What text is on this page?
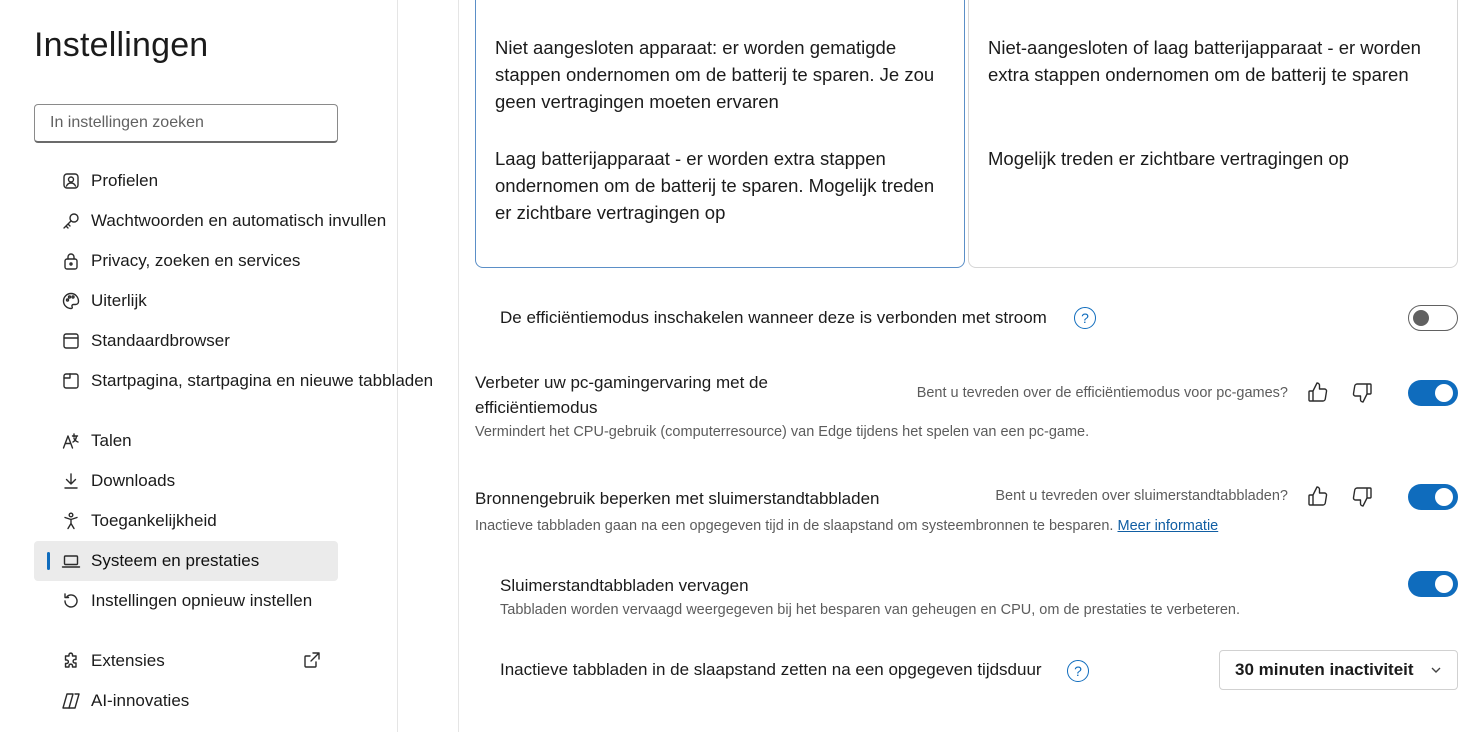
Instellingen
In instellingen zoeken
Profielen
Wachtwoorden en automatisch invullen
Privacy, zoeken en services
Uiterlijk
Standaardbrowser
Startpagina, startpagina en nieuwe tabbladen
Talen
Downloads
Toegankelijkheid
Systeem en prestaties
Instellingen opnieuw instellen
Extensies
AI-innovaties

Niet aangesloten apparaat: er worden gematigde stappen ondernomen om de batterij te sparen. Je zou geen vertragingen moeten ervaren

Laag batterijapparaat - er worden extra stappen ondernomen om de batterij te sparen. Mogelijk treden er zichtbare vertragingen op

Niet-aangesloten of laag batterijapparaat - er worden extra stappen ondernomen om de batterij te sparen

Mogelijk treden er zichtbare vertragingen op

De efficiëntiemodus inschakelen wanneer deze is verbonden met stroom	?
Verbeter uw pc-gamingervaring met de
efficiëntiemodus
Vermindert het CPU-gebruik (computerresource) van Edge tijdens het spelen van een pc-game.
Bent u tevreden over de efficiëntiemodus voor pc-games?
Bronnengebruik beperken met sluimerstandtabbladen
Inactieve tabbladen gaan na een opgegeven tijd in de slaapstand om systeembronnen te besparen. Meer informatie
Bent u tevreden over sluimerstandtabbladen?
Sluimerstandtabbladen vervagen
Tabbladen worden vervaagd weergegeven bij het besparen van geheugen en CPU, om de prestaties te verbeteren.
Inactieve tabbladen in de slaapstand zetten na een opgegeven tijdsduur	?	30 minuten inactiviteit
